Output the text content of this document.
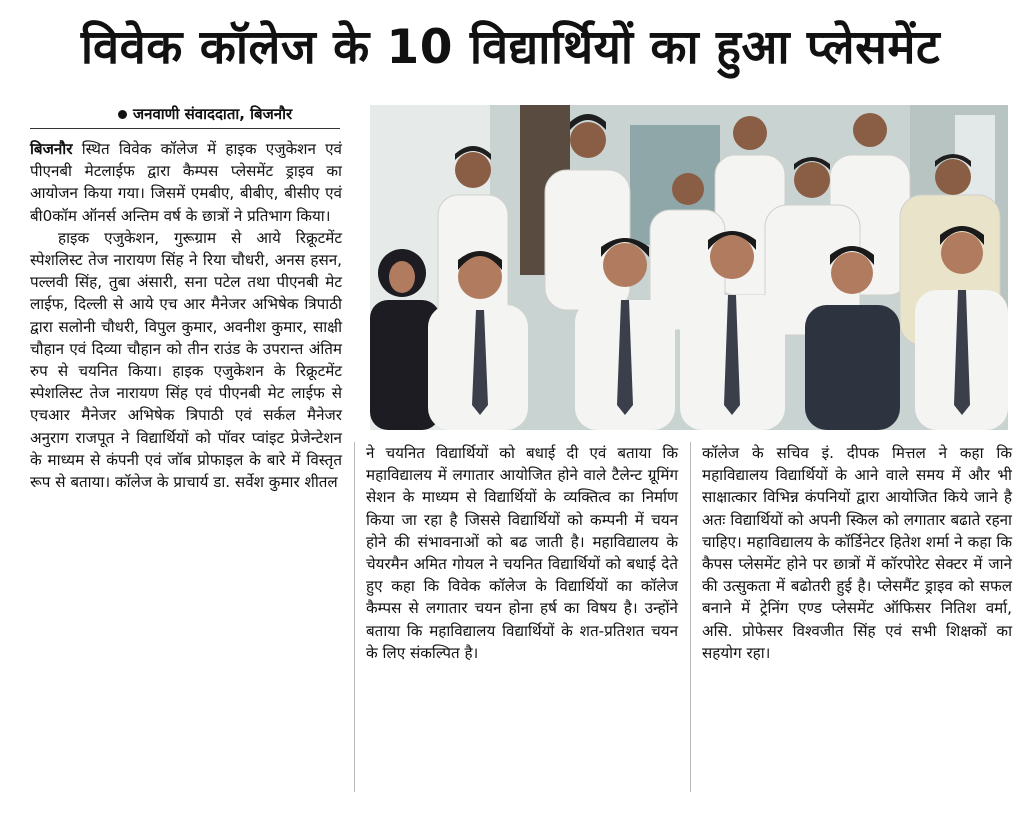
विवेक कॉलेज के 10 विद्यार्थियों का हुआ प्लेसमेंट
जनवाणी संवाददाता, बिजनौर

बिजनौर स्थित विवेक कॉलेज में हाइक एजुकेशन एवं पीएनबी मेटलाईफ द्वारा कैम्पस प्लेसमेंट ड्राइव का आयोजन किया गया। जिसमें एमबीए, बीबीए, बीसीए एवं बी0कॉम ऑनर्स अन्तिम वर्ष के छात्रों ने प्रतिभाग किया।

हाइक एजुकेशन, गुरूग्राम से आये रिक्रूटमेंट स्पेशलिस्ट तेज नारायण सिंह ने रिया चौधरी, अनस हसन, पल्लवी सिंह, तुबा अंसारी, सना पटेल तथा पीएनबी मेट लाईफ, दिल्ली से आये एच आर मैनेजर अभिषेक त्रिपाठी द्वारा सलोनी चौधरी, विपुल कुमार, अवनीश कुमार, साक्षी चौहान एवं दिव्या चौहान को तीन राउंड के उपरान्त अंतिम रुप से चयनित किया। हाइक एजुकेशन के रिक्रूटमेंट स्पेशलिस्ट तेज नारायण सिंह एवं पीएनबी मेट लाईफ से एचआर मैनेजर अभिषेक त्रिपाठी एवं सर्कल मैनेजर अनुराग राजपूत ने विद्यार्थियों को पॉवर प्वांइट प्रेजेन्टेशन के माध्यम से कंपनी एवं जॉब प्रोफाइल के बारे में विस्तृत रूप से बताया। कॉलेज के प्राचार्य डा. सर्वेश कुमार शीतल

ने चयनित विद्यार्थियों को बधाई दी एवं बताया कि महाविद्यालय में लगातार आयोजित होने वाले टैलेन्ट ग्रूमिंग सेशन के माध्यम से विद्यार्थियों के व्यक्तित्व का निर्माण किया जा रहा है जिससे विद्यार्थियों को कम्पनी में चयन होने की संभावनाओं को बढ जाती है। महाविद्यालय के चेयरमैन अमित गोयल ने चयनित विद्यार्थियों को बधाई देते हुए कहा कि विवेक कॉलेज के विद्यार्थियों का कॉलेज कैम्पस से लगातार चयन होना हर्ष का विषय है। उन्होंने बताया कि महाविद्यालय विद्यार्थियों के शत-प्रतिशत चयन के लिए संकल्पित है।

कॉलेज के सचिव इं. दीपक मित्तल ने कहा कि महाविद्यालय विद्यार्थियों के आने वाले समय में और भी साक्षात्कार विभिन्न कंपनियों द्वारा आयोजित किये जाने है अतः विद्यार्थियों को अपनी स्किल को लगातार बढाते रहना चाहिए। महाविद्यालय के कॉर्डिनेटर हितेश शर्मा ने कहा कि कैपस प्लेसमेंट होने पर छात्रों में कॉरपोरेट सेक्टर में जाने की उत्सुकता में बढोतरी हुई है। प्लेसमैंट ड्राइव को सफल बनाने में ट्रेनिंग एण्ड प्लेसमेंट ऑफिसर नितिश वर्मा, असि. प्रोफेसर विश्वजीत सिंह एवं सभी शिक्षकों का सहयोग रहा।
